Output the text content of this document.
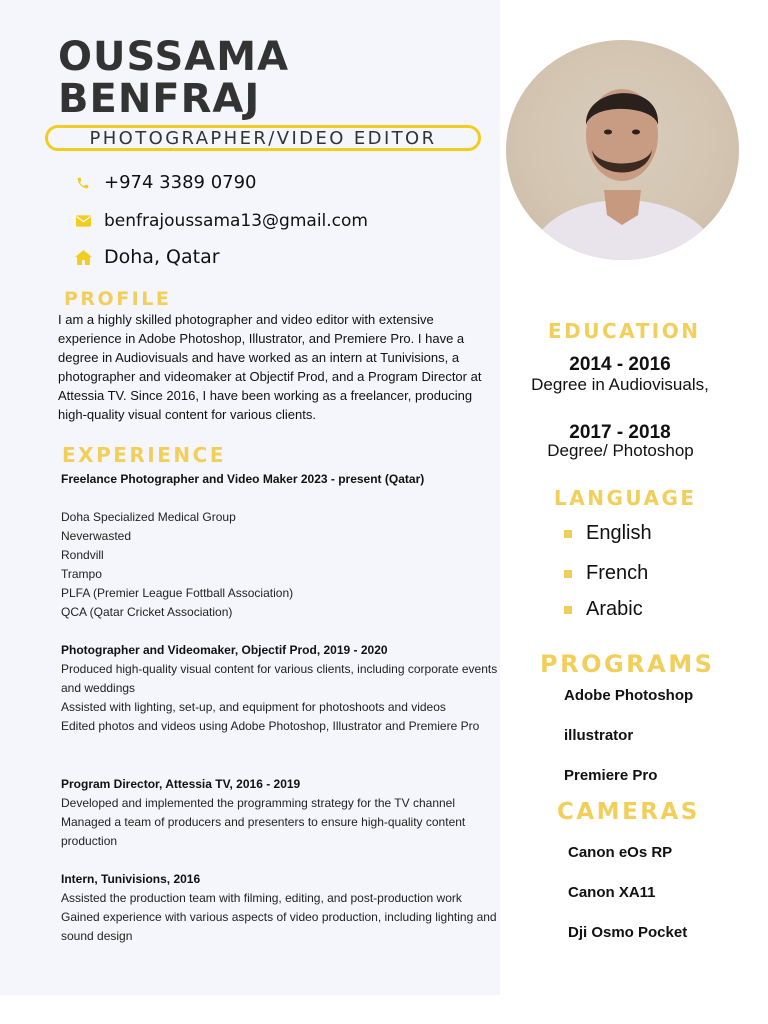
OUSSAMA
BENFRAJ
PHOTOGRAPHER/VIDEO EDITOR
+974 3389 0790
benfrajoussama13@gmail.com
Doha, Qatar
PROFILE

I am a highly skilled photographer and video editor with extensive experience in Adobe Photoshop, Illustrator, and Premiere Pro. I have a degree in Audiovisuals and have worked as an intern at Tunivisions, a photographer and videomaker at Objectif Prod, and a Program Director at Attessia TV. Since 2016, I have been working as a freelancer, producing high-quality visual content for various clients.

EXPERIENCE
Freelance Photographer and Video Maker 2023 - present (Qatar)
Doha Specialized Medical Group
Neverwasted
Rondvill
Trampo
PLFA (Premier League Fottball Association)
QCA (Qatar Cricket Association)
Photographer and Videomaker, Objectif Prod, 2019 - 2020
Produced high-quality visual content for various clients, including corporate events and weddings
Assisted with lighting, set-up, and equipment for photoshoots and videos
Edited photos and videos using Adobe Photoshop, Illustrator and Premiere Pro
Program Director, Attessia TV, 2016 - 2019
Developed and implemented the programming strategy for the TV channel
Managed a team of producers and presenters to ensure high-quality content production
Intern, Tunivisions, 2016
Assisted the production team with filming, editing, and post-production work
Gained experience with various aspects of video production, including lighting and sound design
EDUCATION
2014 - 2016
Degree in Audiovisuals,
2017 - 2018
Degree/ Photoshop
LANGUAGE
English
French
Arabic
PROGRAMS
Adobe Photoshop
illustrator
Premiere Pro
CAMERAS
Canon eOs RP
Canon XA11
Dji Osmo Pocket
